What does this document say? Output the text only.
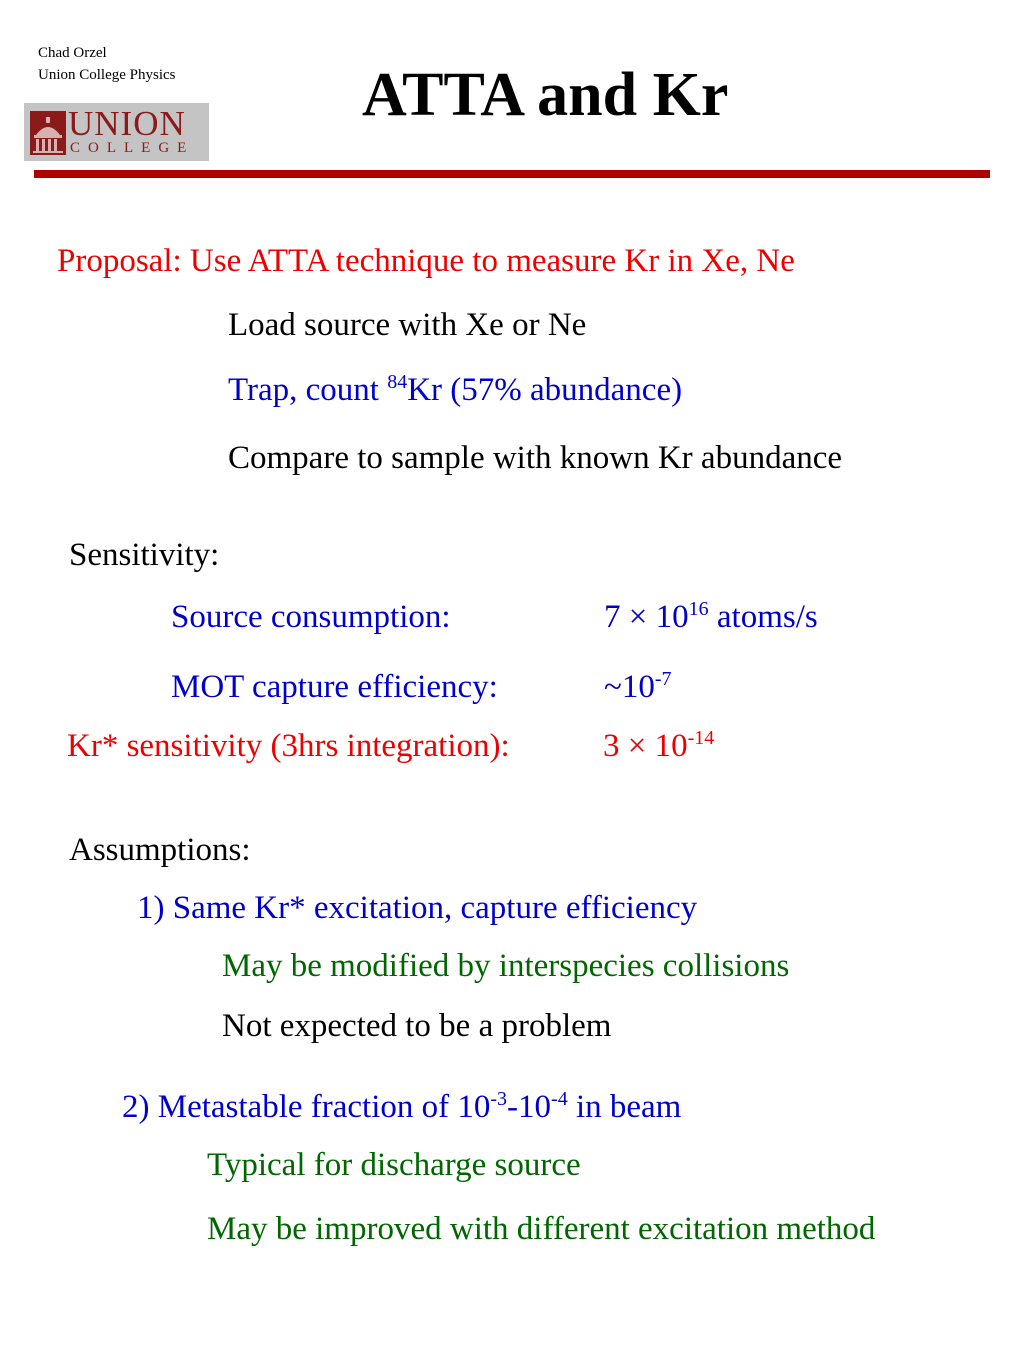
Chad Orzel
Union College Physics
UNION
COLLEGE
ATTA and Kr
Proposal: Use ATTA technique to measure Kr in Xe, Ne
Load source with Xe or Ne
Trap, count $^{84}$Kr (57% abundance)
Compare to sample with known Kr abundance
Sensitivity:
Source consumption:	$7 \times 10^{16}$ atoms/s
MOT capture efficiency:	$\sim 10^{-7}$
Kr* sensitivity (3hrs integration):	$3 \times 10^{-14}$
Assumptions:
1) Same Kr* excitation, capture efficiency
May be modified by interspecies collisions
Not expected to be a problem
2) Metastable fraction of $10^{-3}-10^{-4}$ in beam
Typical for discharge source
May be improved with different excitation method
